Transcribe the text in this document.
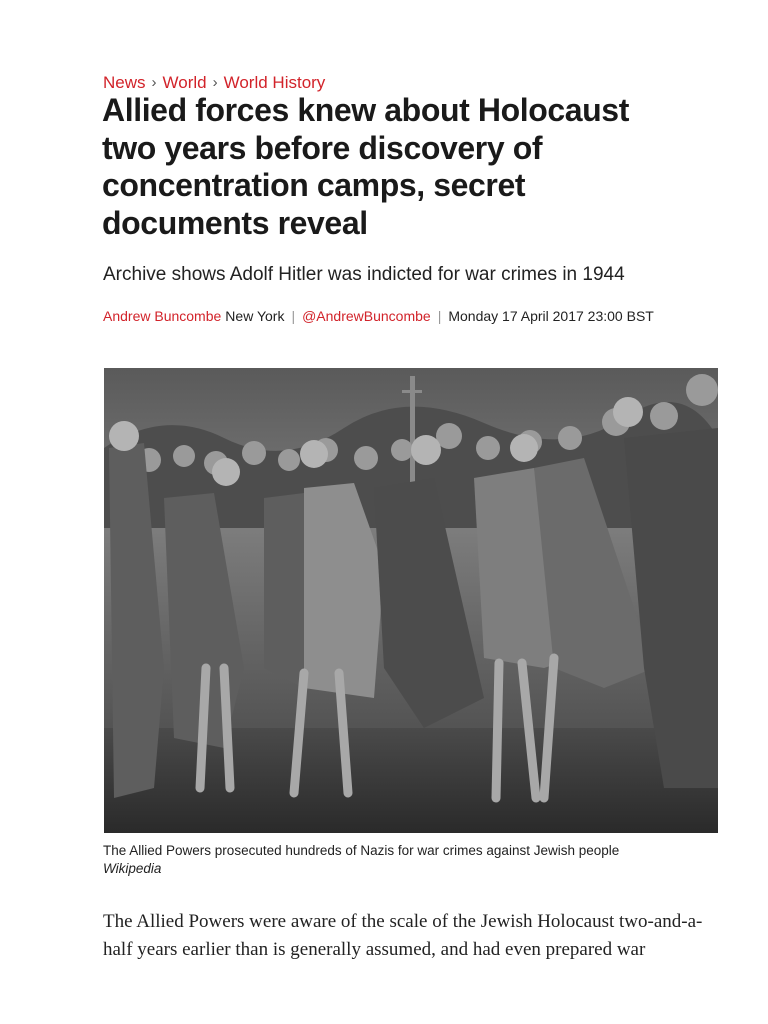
News › World › World History
Allied forces knew about Holocaust two years before discovery of concentration camps, secret documents reveal
Archive shows Adolf Hitler was indicted for war crimes in 1944
Andrew Buncombe New York | @AndrewBuncombe | Monday 17 April 2017 23:00 BST
The Allied Powers prosecuted hundreds of Nazis for war crimes against Jewish people
Wikipedia

The Allied Powers were aware of the scale of the Jewish Holocaust two-and-a-half years earlier than is generally assumed, and had even prepared war
